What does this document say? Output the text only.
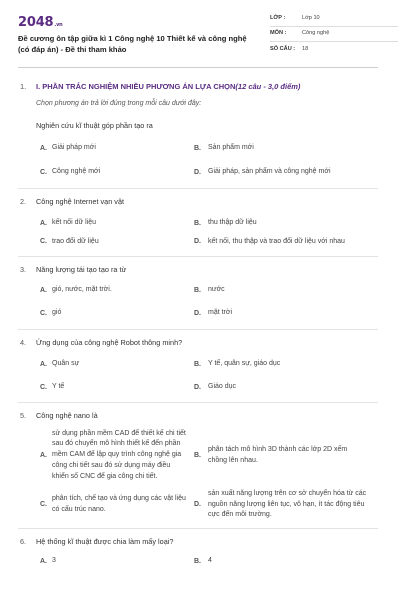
2048.vn
Đề cương ôn tập giữa kì 1 Công nghệ 10 Thiết kế và công nghệ (có đáp án) - Đề thi tham khảo
LỚP :	Lớp 10
MÔN :	Công nghệ
SỐ CÂU :	18
1.	I. PHẦN TRẮC NGHIỆM NHIỀU PHƯƠNG ÁN LỰA CHỌN(12 câu - 3,0 điểm)
Chọn phương án trả lời đúng trong mỗi câu dưới đây:
Nghiên cứu kĩ thuật góp phần tạo ra
A. Giải pháp mới	B.	Sản phẩm mới
C. Công nghệ mới	D.	Giải pháp, sản phẩm và công nghệ mới
2.	Công nghệ Internet vạn vật
A. kết nối dữ liệu	B.	thu thập dữ liệu
C. trao đổi dữ liệu	D.	kết nối, thu thập và trao đổi dữ liệu với nhau
3.	Năng lượng tái tạo tạo ra từ
A. gió, nước, mặt trời.	B.	nước
C. gió	D.	mặt trời
4.	Ứng dụng của công nghệ Robot thông minh?
A. Quân sự	B.	Y tế, quân sự, giáo dục
C. Y tế	D.	Giáo dục
5.	Công nghệ nano là
A.
sử dụng phần mềm CAD để thiết kế chi tiết sau đó chuyển mô hình thiết kế đến phần mềm CAM để lập quy trình công nghệ gia công chi tiết sau đó sử dụng máy điều khiển số CNC để gia công chi tiết.
B.
phân tách mô hình 3D thành các lớp 2D xếm chồng lên nhau.
C.
phân tích, chế tạo và ứng dụng các vật liệu có cấu trúc nano.
D.
sản xuất năng lượng trên cơ sở chuyển hóa từ các nguồn năng lượng liên tục, vô hạn, ít tác động tiêu cực đến môi trường.
6.	Hệ thống kĩ thuật được chia làm mấy loại?
A. 3	B.	4
